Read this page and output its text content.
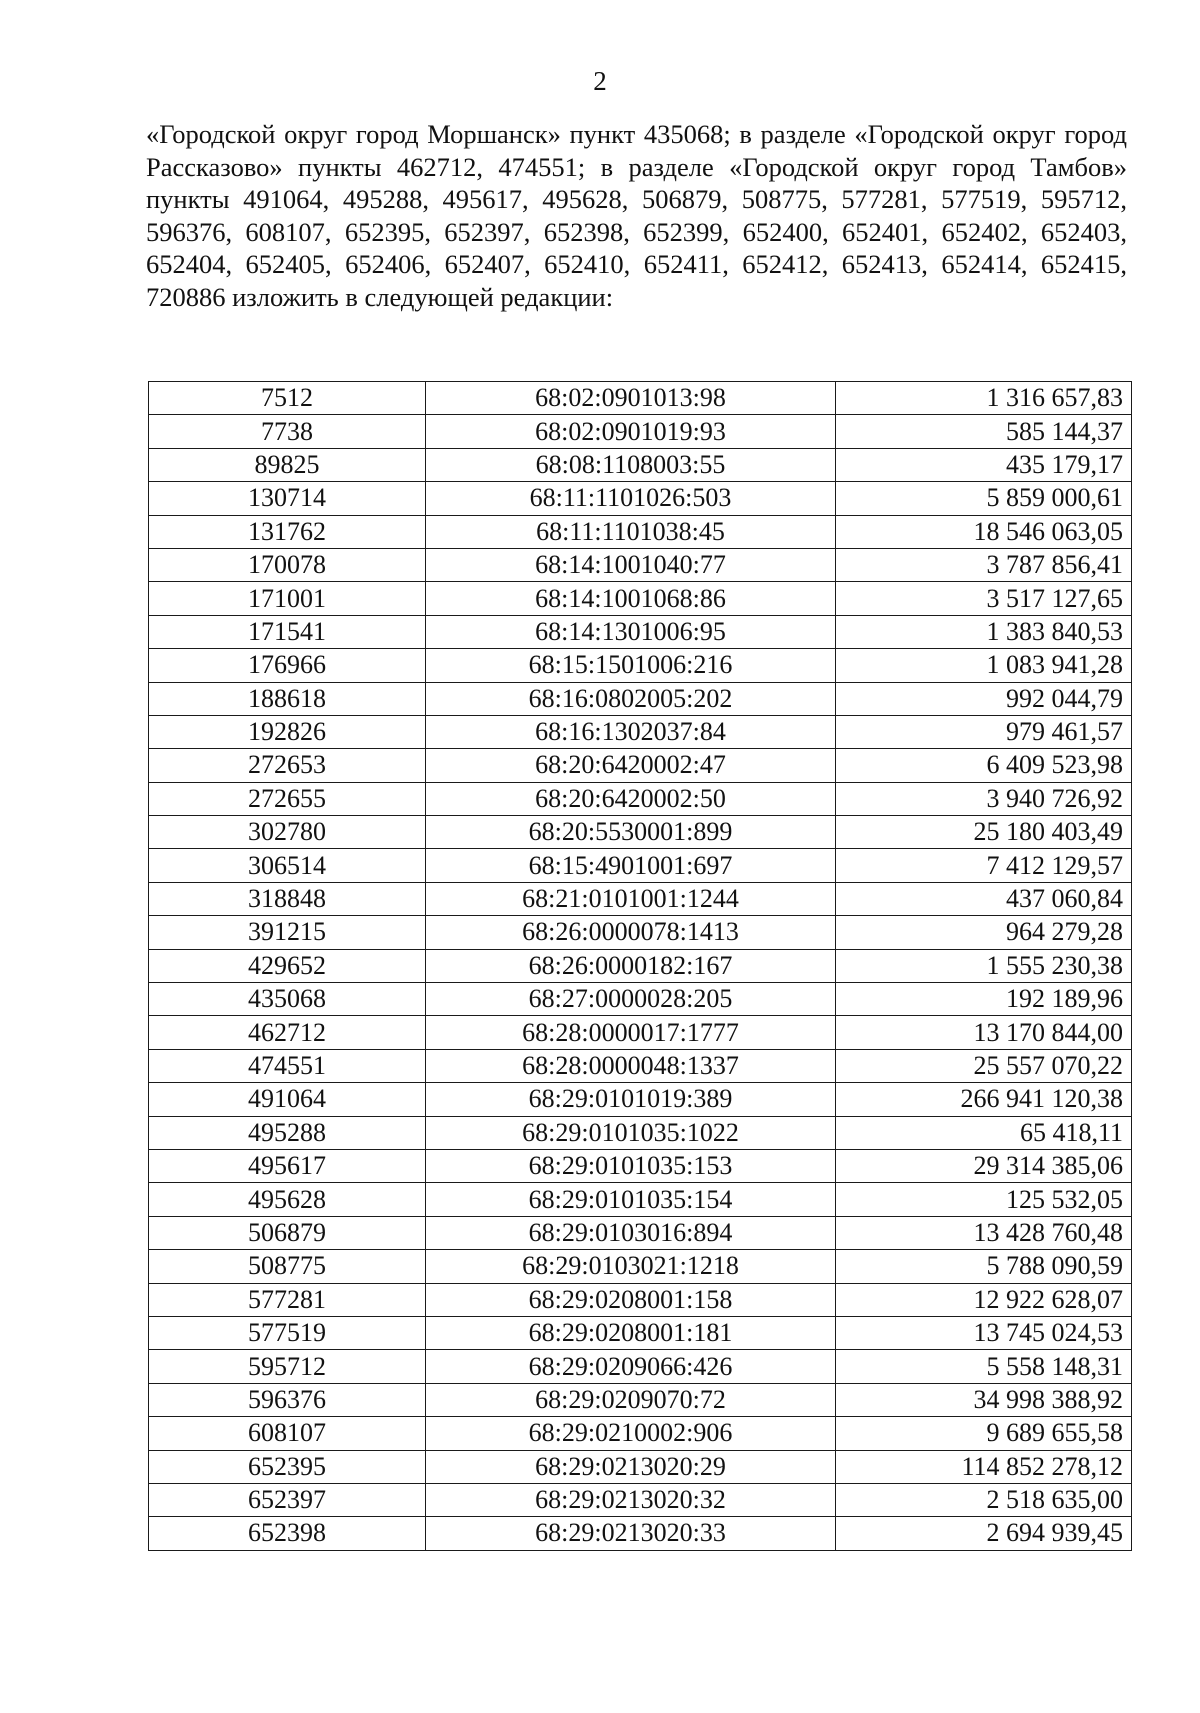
2

«Городской округ город Моршанск» пункт 435068; в разделе «Городской округ город Рассказово» пункты 462712, 474551; в разделе «Городской округ город Тамбов» пункты 491064, 495288, 495617, 495628, 506879, 508775, 577281, 577519, 595712, 596376, 608107, 652395, 652397, 652398, 652399, 652400, 652401, 652402, 652403, 652404, 652405, 652406, 652407, 652410, 652411, 652412, 652413, 652414, 652415, 720886 изложить в следующей редакции:

7512	68:02:0901013:98	1 316 657,83
7738	68:02:0901019:93	585 144,37
89825	68:08:1108003:55	435 179,17
130714	68:11:1101026:503	5 859 000,61
131762	68:11:1101038:45	18 546 063,05
170078	68:14:1001040:77	3 787 856,41
171001	68:14:1001068:86	3 517 127,65
171541	68:14:1301006:95	1 383 840,53
176966	68:15:1501006:216	1 083 941,28
188618	68:16:0802005:202	992 044,79
192826	68:16:1302037:84	979 461,57
272653	68:20:6420002:47	6 409 523,98
272655	68:20:6420002:50	3 940 726,92
302780	68:20:5530001:899	25 180 403,49
306514	68:15:4901001:697	7 412 129,57
318848	68:21:0101001:1244	437 060,84
391215	68:26:0000078:1413	964 279,28
429652	68:26:0000182:167	1 555 230,38
435068	68:27:0000028:205	192 189,96
462712	68:28:0000017:1777	13 170 844,00
474551	68:28:0000048:1337	25 557 070,22
491064	68:29:0101019:389	266 941 120,38
495288	68:29:0101035:1022	65 418,11
495617	68:29:0101035:153	29 314 385,06
495628	68:29:0101035:154	125 532,05
506879	68:29:0103016:894	13 428 760,48
508775	68:29:0103021:1218	5 788 090,59
577281	68:29:0208001:158	12 922 628,07
577519	68:29:0208001:181	13 745 024,53
595712	68:29:0209066:426	5 558 148,31
596376	68:29:0209070:72	34 998 388,92
608107	68:29:0210002:906	9 689 655,58
652395	68:29:0213020:29	114 852 278,12
652397	68:29:0213020:32	2 518 635,00
652398	68:29:0213020:33	2 694 939,45
